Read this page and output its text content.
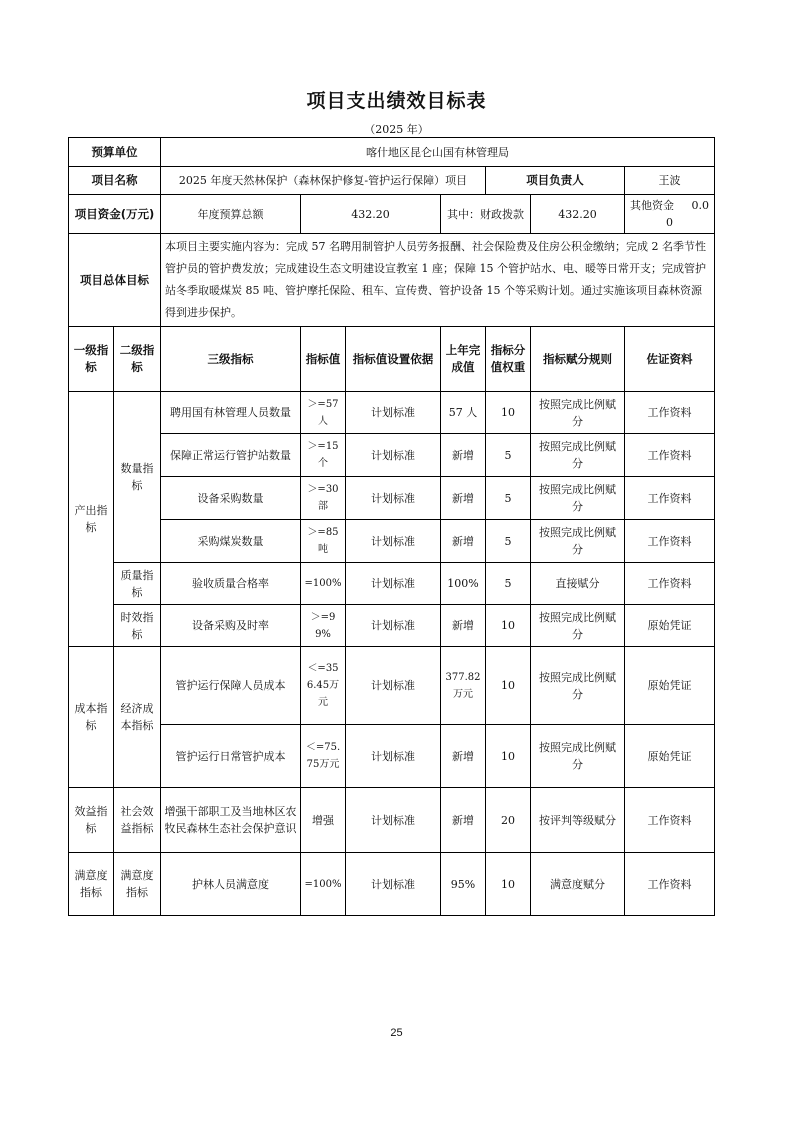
项目支出绩效目标表
（2025 年）
预算单位		喀什地区昆仑山国有林管理局						
项目名称		2025 年度天然林保护（森林保护修复-管护运行保障）项目				项目负责人		王波
项目资金(万元)		年度预算总额	432.20		其中：财政拨款		432.20	其他资金 0.00
项目总体目标		本项目主要实施内容为：完成 57 名聘用制管护人员劳务报酬、社会保险费及住房公积金缴纳；完成 2 名季节性管护员的管护费发放；完成建设生态文明建设宣教室 1 座；保障 15 个管护站水、电、暖等日常开支；完成管护站冬季取暖煤炭 85 吨、管护摩托保险、租车、宣传费、管护设备 15 个等采购计划。通过实施该项目森林资源得到进步保护。						
一级指标	二级指标	三级指标	指标值	指标值设置依据	上年完成值	指标分值权重	指标赋分规则	佐证资料
产出指标	数量指标	聘用国有林管理人员数量	＞=57人	计划标准	57 人	10	按照完成比例赋分	工作资料
		保障正常运行管护站数量	＞=15个	计划标准	新增	5	按照完成比例赋分	工作资料
		设备采购数量	＞=30部	计划标准	新增	5	按照完成比例赋分	工作资料
		采购煤炭数量	＞=85吨	计划标准	新增	5	按照完成比例赋分	工作资料
	质量指标	验收质量合格率	=100%	计划标准	100%	5	直接赋分	工作资料
	时效指标	设备采购及时率	＞=99%	计划标准	新增	10	按照完成比例赋分	原始凭证
成本指标	经济成本指标	管护运行保障人员成本	＜=356.45万元	计划标准	377.82万元	10	按照完成比例赋分	原始凭证
		管护运行日常管护成本	＜=75.75万元	计划标准	新增	10	按照完成比例赋分	原始凭证
效益指标	社会效益指标	增强干部职工及当地林区农牧民森林生态社会保护意识	增强	计划标准	新增	20	按评判等级赋分	工作资料
满意度指标	满意度指标	护林人员满意度	=100%	计划标准	95%	10	满意度赋分	工作资料
25
